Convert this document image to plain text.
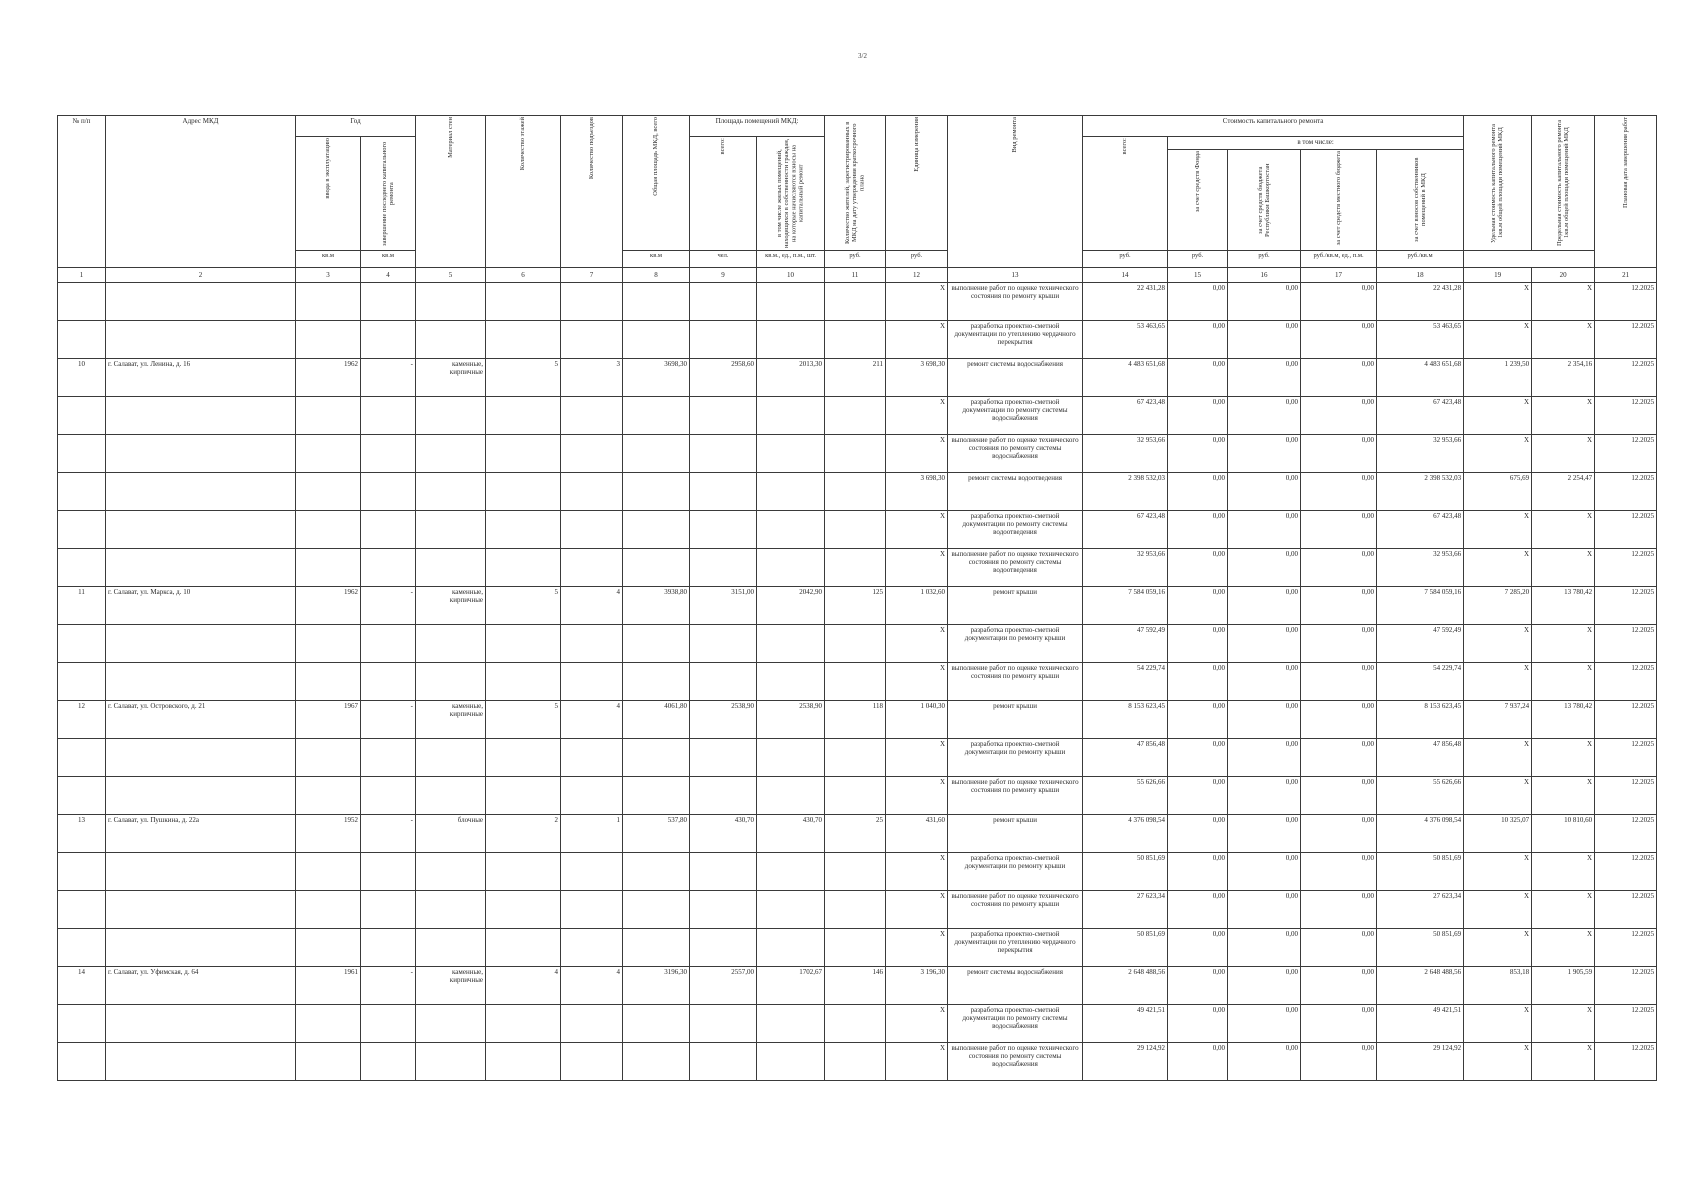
3/2
№ п/п	Адрес МКД	Год		Материал стен	Количество этажей	Количество подъездов	Общая площадь МКД, всего	Площадь помещений МКД:		Количество жителей, зарегистрированных в МКД на дату утверждения краткосрочного плана	Единица измерения	Вид ремонта	Стоимость капитального ремонта					Удельная стоимость капитального ремонта 1кв.м общей площади помещений МКД	Предельная стоимость капитального ремонта 1кв.м общей площади помещений МКД	Плановая дата завершения работ

		ввода в эксплуатацию	завершение последнего капитального ремонта					всего:	в том числе жилых помещений, находящихся в собственности граждан, на которые начисляются взносы на капитальный ремонт				всего:	в том числе:						

														за счет средств Фонда	за счет средств бюджета Республики Башкортостан	за счет средств местного бюджета	за счет взносов собственников помещений в МКД			

		кв.м	кв.м				кв.м	чел.	кв.м., ед., п.м., шт.	руб.	руб.		руб.	руб.	руб.	руб./кв.м, ед., п.м.	руб./кв.м			
1	2	3	4	5	6	7	8	9	10	11	12	13	14	15	16	17	18	19	20	21
											X	выполнение работ по оценке технического состояния по ремонту крыши	22 431,28	0,00	0,00	0,00	22 431,28	X	X	12.2025
											X	разработка проектно-сметной документации по утеплению чердачного перекрытия	53 463,65	0,00	0,00	0,00	53 463,65	X	X	12.2025
10	г. Салават, ул. Ленина, д. 16	1962	-	каменные, кирпичные	5	3	3698,30	2958,60	2013,30	211	3 698,30	ремонт системы водоснабжения	4 483 651,68	0,00	0,00	0,00	4 483 651,68	1 239,50	2 354,16	12.2025
											X	разработка проектно-сметной документации по ремонту системы водоснабжения	67 423,48	0,00	0,00	0,00	67 423,48	X	X	12.2025
											X	выполнение работ по оценке технического состояния по ремонту системы водоснабжения	32 953,66	0,00	0,00	0,00	32 953,66	X	X	12.2025
											3 698,30	ремонт системы водоотведения	2 398 532,03	0,00	0,00	0,00	2 398 532,03	675,69	2 254,47	12.2025
											X	разработка проектно-сметной документации по ремонту системы водоотведения	67 423,48	0,00	0,00	0,00	67 423,48	X	X	12.2025
											X	выполнение работ по оценке технического состояния по ремонту системы водоотведения	32 953,66	0,00	0,00	0,00	32 953,66	X	X	12.2025
11	г. Салават, ул. Марксa, д. 10	1962	-	каменные, кирпичные	5	4	3938,80	3151,00	2042,90	125	1 032,60	ремонт крыши	7 584 059,16	0,00	0,00	0,00	7 584 059,16	7 285,20	13 780,42	12.2025
											X	разработка проектно-сметной документации по ремонту крыши	47 592,49	0,00	0,00	0,00	47 592,49	X	X	12.2025
											X	выполнение работ по оценке технического состояния по ремонту крыши	54 229,74	0,00	0,00	0,00	54 229,74	X	X	12.2025
12	г. Салават, ул. Островского, д. 21	1967	-	каменные, кирпичные	5	4	4061,80	2538,90	2538,90	118	1 040,30	ремонт крыши	8 153 623,45	0,00	0,00	0,00	8 153 623,45	7 937,24	13 780,42	12.2025
											X	разработка проектно-сметной документации по ремонту крыши	47 856,48	0,00	0,00	0,00	47 856,48	X	X	12.2025
											X	выполнение работ по оценке технического состояния по ремонту крыши	55 626,66	0,00	0,00	0,00	55 626,66	X	X	12.2025
13	г. Салават, ул. Пушкина, д. 22а	1952	-	блочные	2	1	537,80	430,70	430,70	25	431,60	ремонт крыши	4 376 098,54	0,00	0,00	0,00	4 376 098,54	10 325,07	10 810,60	12.2025
											X	разработка проектно-сметной документации по ремонту крыши	50 851,69	0,00	0,00	0,00	50 851,69	X	X	12.2025
											X	выполнение работ по оценке технического состояния по ремонту крыши	27 623,34	0,00	0,00	0,00	27 623,34	X	X	12.2025
											X	разработка проектно-сметной документации по утеплению чердачного перекрытия	50 851,69	0,00	0,00	0,00	50 851,69	X	X	12.2025
14	г. Салават, ул. Уфимская, д. 64	1961	-	каменные, кирпичные	4	4	3196,30	2557,00	1702,67	146	3 196,30	ремонт системы водоснабжения	2 648 488,56	0,00	0,00	0,00	2 648 488,56	853,18	1 905,59	12.2025
											X	разработка проектно-сметной документации по ремонту системы водоснабжения	49 421,51	0,00	0,00	0,00	49 421,51	X	X	12.2025
											X	выполнение работ по оценке технического состояния по ремонту системы водоснабжения	29 124,92	0,00	0,00	0,00	29 124,92	X	X	12.2025
